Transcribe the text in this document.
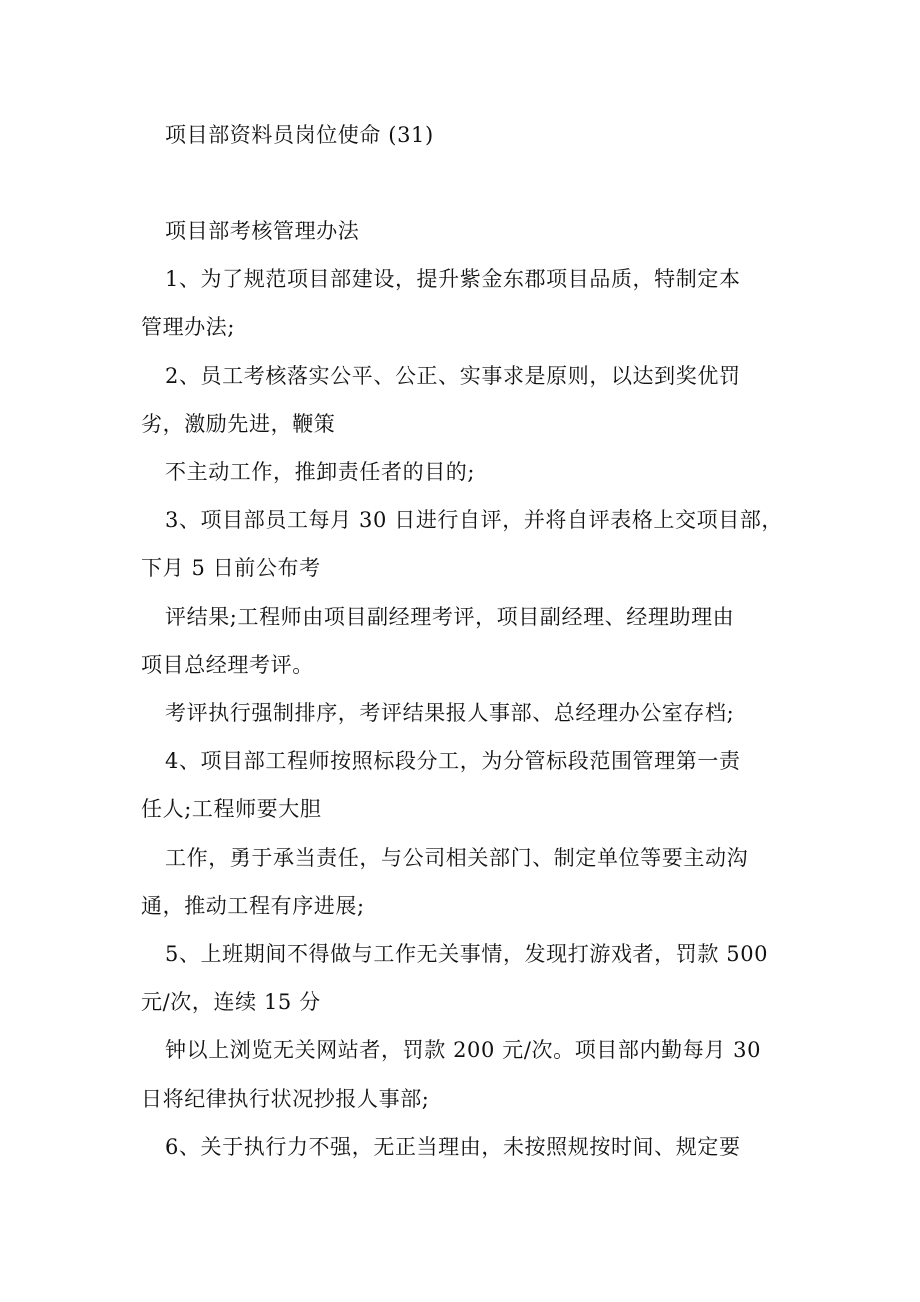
项目部资料员岗位使命 (31)
项目部考核管理办法
1、为了规范项目部建设，提升紫金东郡项目品质，特制定本
管理办法;
2、员工考核落实公平、公正、实事求是原则，以达到奖优罚
劣，激励先进，鞭策
不主动工作，推卸责任者的目的;
3、项目部员工每月 30 日进行自评，并将自评表格上交项目部，
下月 5 日前公布考
评结果;工程师由项目副经理考评，项目副经理、经理助理由
项目总经理考评。
考评执行强制排序，考评结果报人事部、总经理办公室存档;
4、项目部工程师按照标段分工，为分管标段范围管理第一责
任人;工程师要大胆
工作，勇于承当责任，与公司相关部门、制定单位等要主动沟
通，推动工程有序进展;
5、上班期间不得做与工作无关事情，发现打游戏者，罚款 500
元/次，连续 15 分
钟以上浏览无关网站者，罚款 200 元/次。项目部内勤每月 30
日将纪律执行状况抄报人事部;
6、关于执行力不强，无正当理由，未按照规按时间、规定要
